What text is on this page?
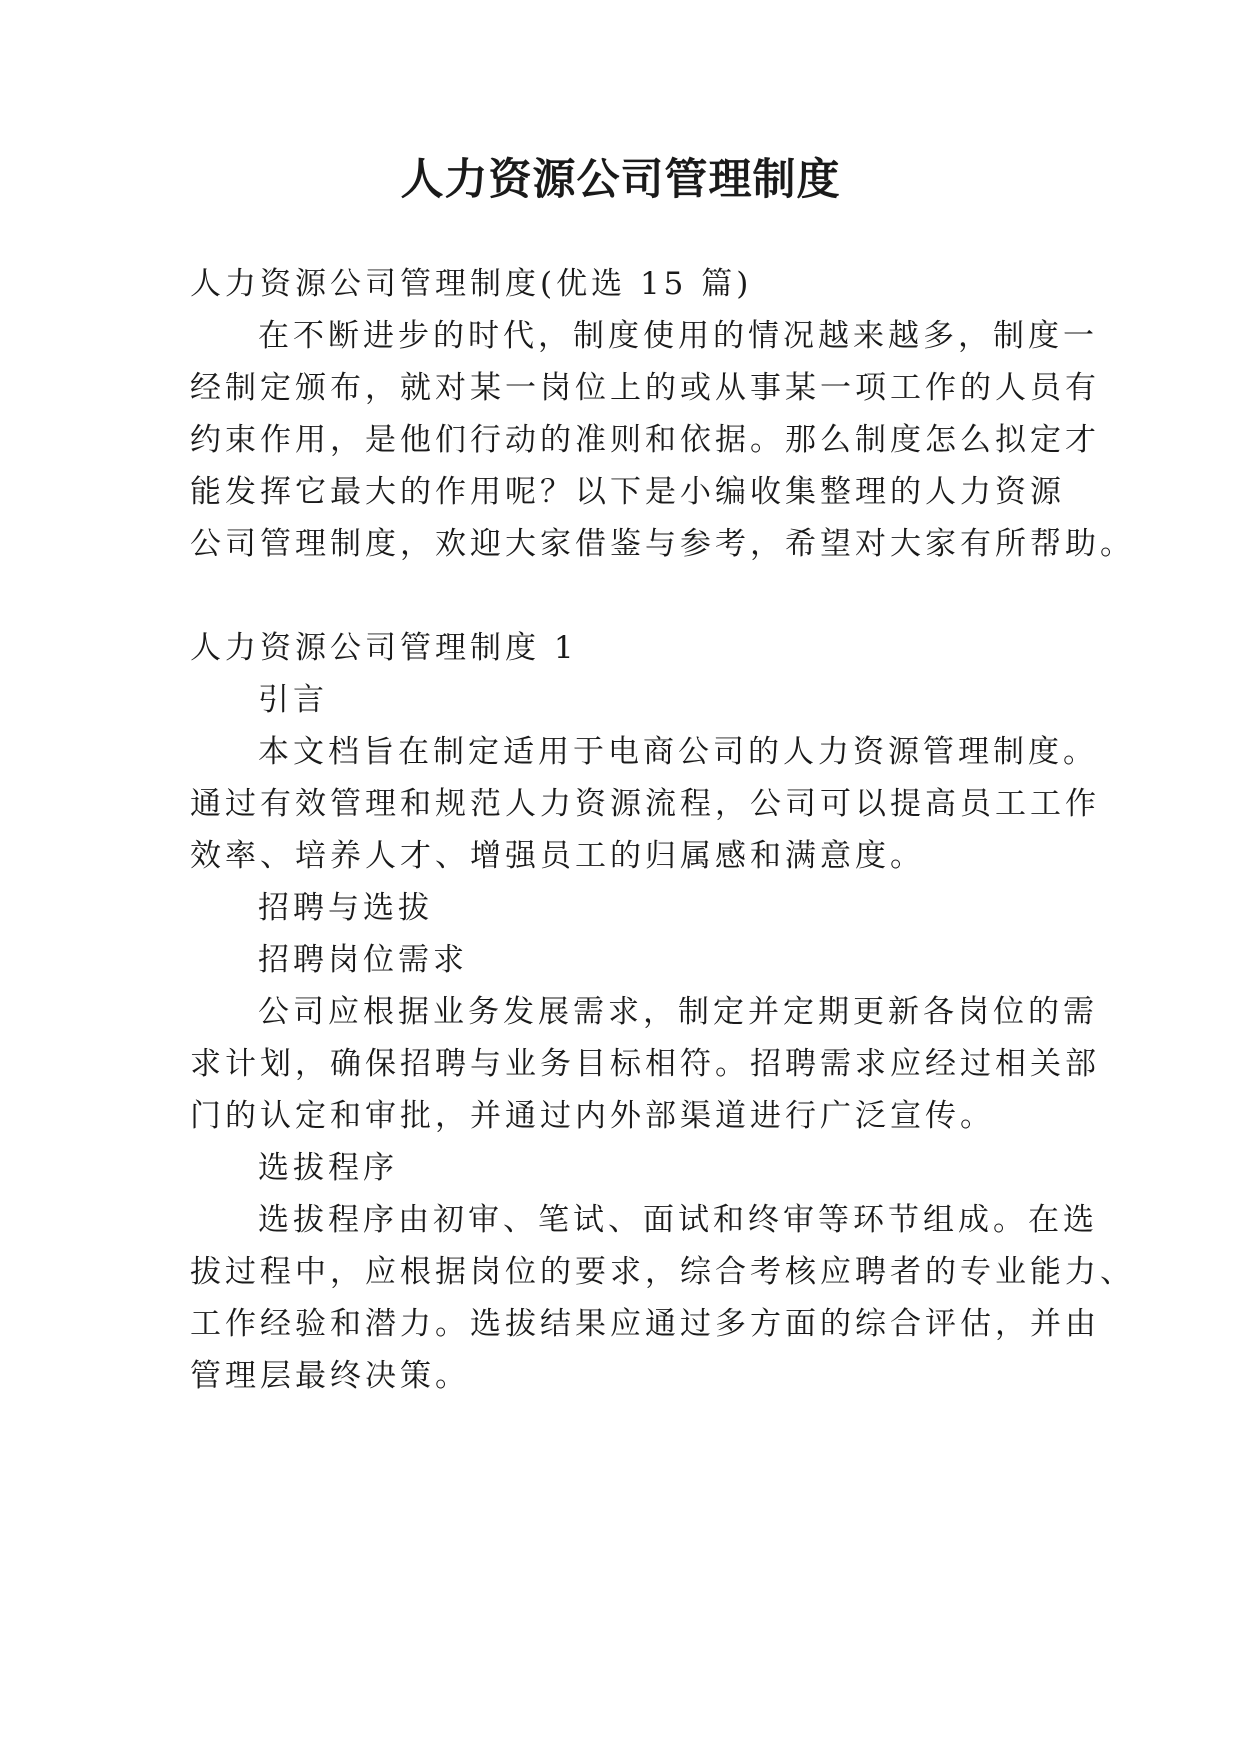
人力资源公司管理制度
人力资源公司管理制度(优选 15 篇)
在不断进步的时代，制度使用的情况越来越多，制度一
经制定颁布，就对某一岗位上的或从事某一项工作的人员有
约束作用，是他们行动的准则和依据。那么制度怎么拟定才
能发挥它最大的作用呢？以下是小编收集整理的人力资源
公司管理制度，欢迎大家借鉴与参考，希望对大家有所帮助。
人力资源公司管理制度 1
引言
本文档旨在制定适用于电商公司的人力资源管理制度。
通过有效管理和规范人力资源流程，公司可以提高员工工作
效率、培养人才、增强员工的归属感和满意度。
招聘与选拔
招聘岗位需求
公司应根据业务发展需求，制定并定期更新各岗位的需
求计划，确保招聘与业务目标相符。招聘需求应经过相关部
门的认定和审批，并通过内外部渠道进行广泛宣传。
选拔程序
选拔程序由初审、笔试、面试和终审等环节组成。在选
拔过程中，应根据岗位的要求，综合考核应聘者的专业能力、
工作经验和潜力。选拔结果应通过多方面的综合评估，并由
管理层最终决策。
